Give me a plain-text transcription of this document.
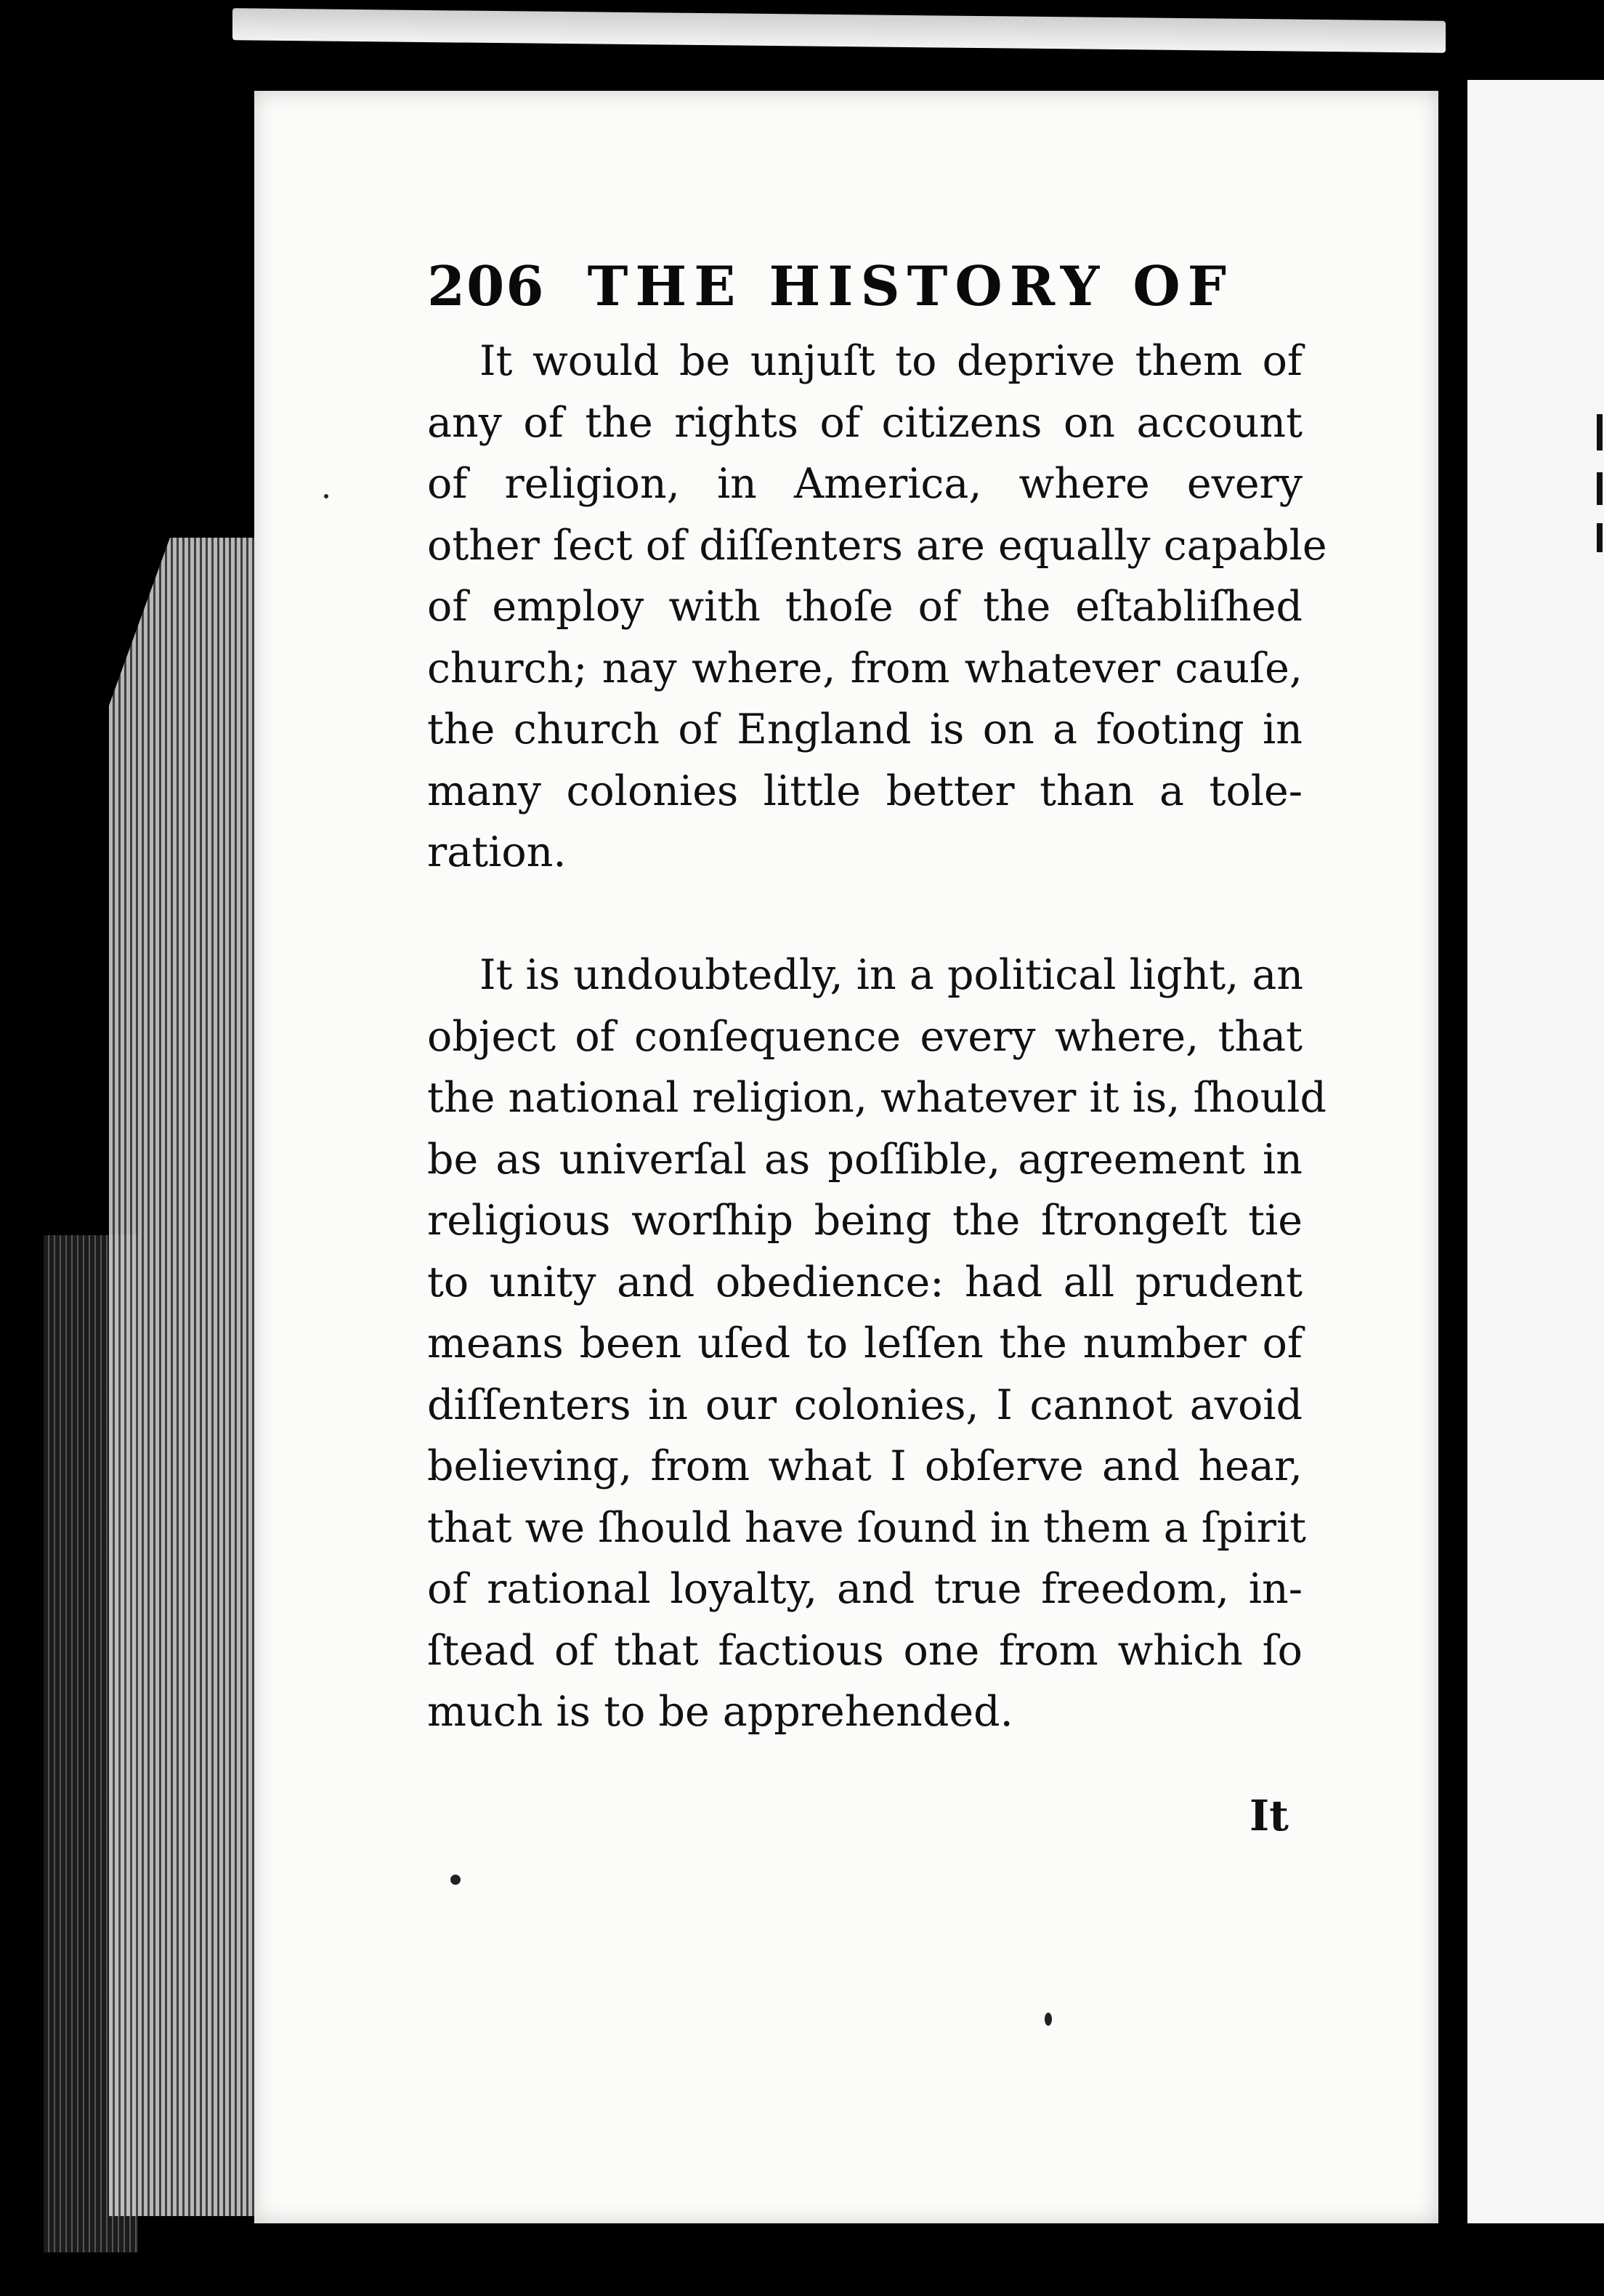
206 THE HISTORY OF
It would be unjuſt to deprive them of
any of the rights of citizens on account
of religion, in America, where every
other ſect of diſſenters are equally capable
of employ with thoſe of the eſtabliſhed
church; nay where, from whatever cauſe,
the church of England is on a footing in
many colonies little better than a tole-
ration.
It is undoubtedly, in a political light, an
object of conſequence every where, that
the national religion, whatever it is, ſhould
be as univerſal as poſſible, agreement in
religious worſhip being the ſtrongeſt tie
to unity and obedience: had all prudent
means been uſed to leſſen the number of
diſſenters in our colonies, I cannot avoid
believing, from what I obſerve and hear,
that we ſhould have ſound in them a ſpirit
of rational loyalty, and true freedom, in-
ſtead of that factious one from which ſo
much is to be apprehended.
It
